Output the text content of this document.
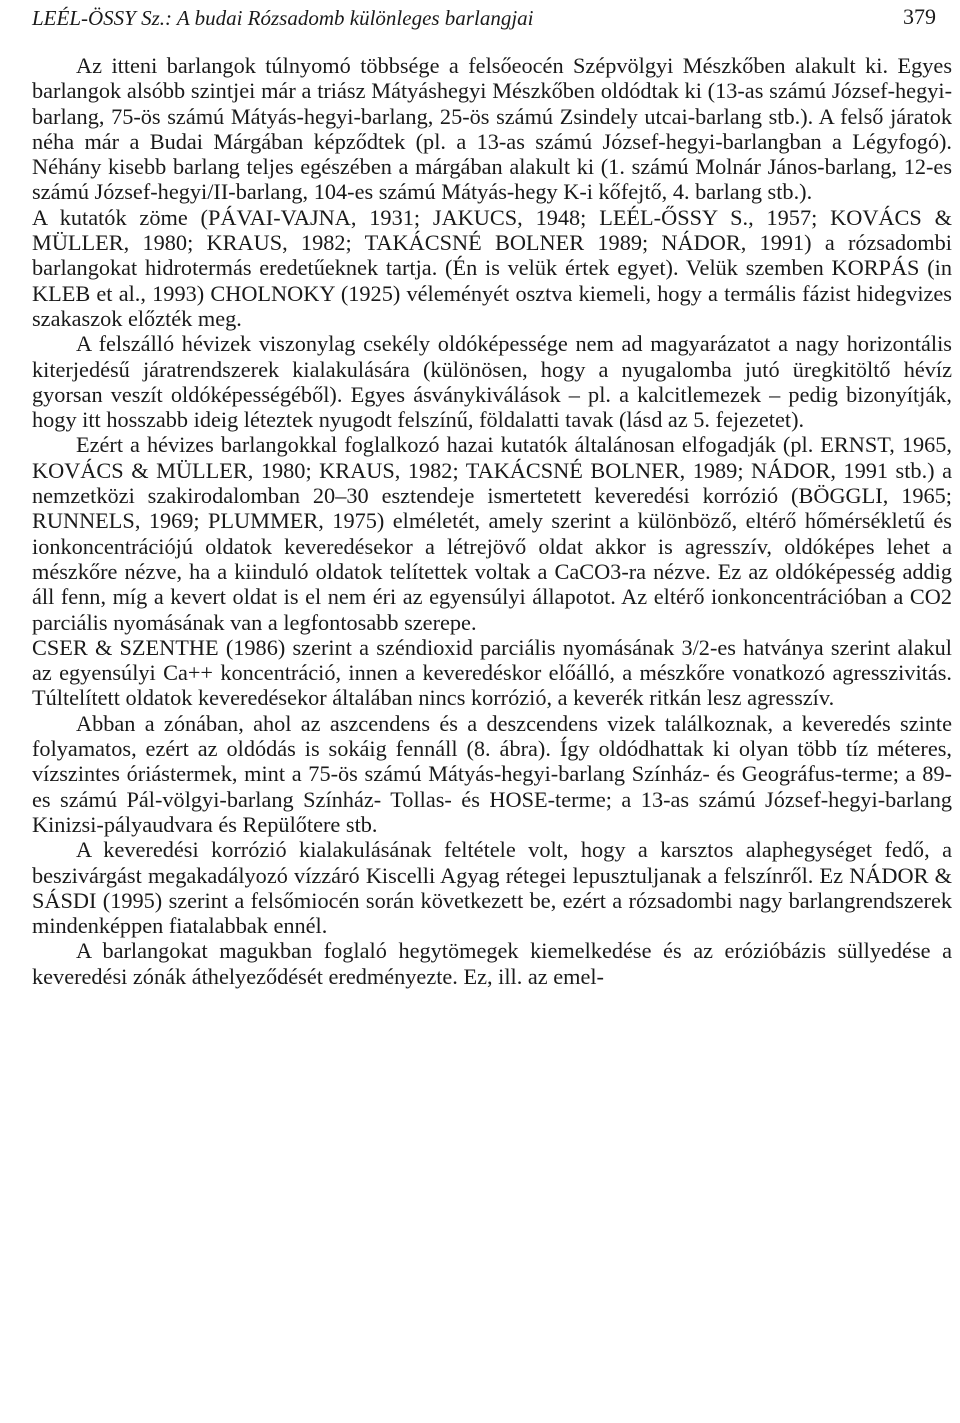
LEÉL-ÖSSY Sz.: A budai Rózsadomb különleges barlangjai	379

Az itteni barlangok túlnyomó többsége a felsőeocén Szépvölgyi Mészkőben alakult ki. Egyes barlangok alsóbb szintjei már a triász Mátyáshegyi Mészkőben oldódtak ki (13-as számú József-hegyi-barlang, 75-ös számú Mátyás-hegyi-barlang, 25-ös számú Zsindely utcai-barlang stb.). A felső járatok néha már a Budai Márgában képződtek (pl. a 13-as számú József-hegyi-barlangban a Légyfogó). Néhány kisebb barlang teljes egészében a márgában alakult ki (1. számú Molnár János-barlang, 12-es számú József-hegyi/II-barlang, 104-es számú Mátyás-hegy K-i kőfejtő, 4. barlang stb.).

A kutatók zöme (PÁVAI-VAJNA, 1931; JAKUCS, 1948; LEÉL-ŐSSY S., 1957; KOVÁCS & MÜLLER, 1980; KRAUS, 1982; TAKÁCSNÉ BOLNER 1989; NÁDOR, 1991) a rózsadombi barlangokat hidrotermás eredetűeknek tartja. (Én is velük értek egyet). Velük szemben KORPÁS (in KLEB et al., 1993) CHOLNOKY (1925) véleményét osztva kiemeli, hogy a termális fázist hidegvizes szakaszok előzték meg.

A felszálló hévizek viszonylag csekély oldóképessége nem ad magyarázatot a nagy horizontális kiterjedésű járatrendszerek kialakulására (különösen, hogy a nyugalomba jutó üregkitöltő hévíz gyorsan veszít oldóképességéből). Egyes ásványkiválások – pl. a kalcitlemezek – pedig bizonyítják, hogy itt hosszabb ideig léteztek nyugodt felszínű, földalatti tavak (lásd az 5. fejezetet).

Ezért a hévizes barlangokkal foglalkozó hazai kutatók általánosan elfogadják (pl. ERNST, 1965, KOVÁCS & MÜLLER, 1980; KRAUS, 1982; TAKÁCSNÉ BOLNER, 1989; NÁDOR, 1991 stb.) a nemzetközi szakirodalomban 20–30 esztendeje ismertetett keveredési korrózió (BÖGGLI, 1965; RUNNELS, 1969; PLUMMER, 1975) elméletét, amely szerint a különböző, eltérő hőmérsékletű és ionkoncentrációjú oldatok keveredésekor a létrejövő oldat akkor is agresszív, oldóképes lehet a mészkőre nézve, ha a kiinduló oldatok telítettek voltak a CaCO3-ra nézve. Ez az oldóképesség addig áll fenn, míg a kevert oldat is el nem éri az egyensúlyi állapotot. Az eltérő ionkoncentrációban a CO2 parciális nyomásának van a legfontosabb szerepe.

CSER & SZENTHE (1986) szerint a széndioxid parciális nyomásának 3/2-es hatványa szerint alakul az egyensúlyi Ca++ koncentráció, innen a keveredéskor előálló, a mészkőre vonatkozó agresszivitás. Túltelített oldatok keveredésekor általában nincs korrózió, a keverék ritkán lesz agresszív.

Abban a zónában, ahol az aszcendens és a deszcendens vizek találkoznak, a keveredés szinte folyamatos, ezért az oldódás is sokáig fennáll (8. ábra). Így oldódhattak ki olyan több tíz méteres, vízszintes óriástermek, mint a 75-ös számú Mátyás-hegyi-barlang Színház- és Geográfus-terme; a 89-es számú Pál-völgyi-barlang Színház- Tollas- és HOSE-terme; a 13-as számú József-hegyi-barlang Kinizsi-pályaudvara és Repülőtere stb.

A keveredési korrózió kialakulásának feltétele volt, hogy a karsztos alaphegységet fedő, a beszivárgást megakadályozó vízzáró Kiscelli Agyag rétegei lepusztuljanak a felszínről. Ez NÁDOR & SÁSDI (1995) szerint a felsőmiocén során következett be, ezért a rózsadombi nagy barlangrendszerek mindenképpen fiatalabbak ennél.

A barlangokat magukban foglaló hegytömegek kiemelkedése és az erózióbázis süllyedése a keveredési zónák áthelyeződését eredményezte. Ez, ill. az emel-
